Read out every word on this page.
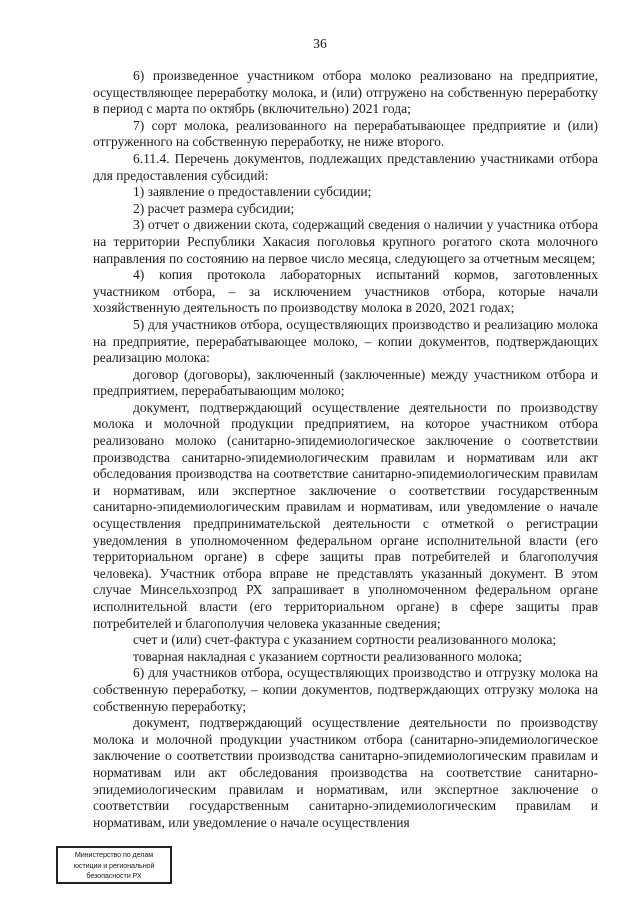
36

6) произведенное участником отбора молоко реализовано на предприятие, осуществляющее переработку молока, и (или) отгружено на собственную переработку в период с марта по октябрь (включительно) 2021 года;

7) сорт молока, реализованного на перерабатывающее предприятие и (или) отгруженного на собственную переработку, не ниже второго.

6.11.4. Перечень документов, подлежащих представлению участниками отбора для предоставления субсидий:

1) заявление о предоставлении субсидии;

2) расчет размера субсидии;

3) отчет о движении скота, содержащий сведения о наличии у участника отбора на территории Республики Хакасия поголовья крупного рогатого скота молочного направления по состоянию на первое число месяца, следующего за отчетным месяцем;

4) копия протокола лабораторных испытаний кормов, заготовленных участником отбора, – за исключением участников отбора, которые начали хозяйственную деятельность по производству молока в 2020, 2021 годах;

5) для участников отбора, осуществляющих производство и реализацию молока на предприятие, перерабатывающее молоко, – копии документов, подтверждающих реализацию молока:

договор (договоры), заключенный (заключенные) между участником отбора и предприятием, перерабатывающим молоко;

документ, подтверждающий осуществление деятельности по производству молока и молочной продукции предприятием, на которое участником отбора реализовано молоко (санитарно-эпидемиологическое заключение о соответствии производства санитарно-эпидемиологическим правилам и нормативам или акт обследования производства на соответствие санитарно-эпидемиологическим правилам и нормативам, или экспертное заключение о соответствии государственным санитарно-эпидемиологическим правилам и нормативам, или уведомление о начале осуществления предпринимательской деятельности с отметкой о регистрации уведомления в уполномоченном федеральном органе исполнительной власти (его территориальном органе) в сфере защиты прав потребителей и благополучия человека). Участник отбора вправе не представлять указанный документ. В этом случае Минсельхозпрод РХ запрашивает в уполномоченном федеральном органе исполнительной власти (его территориальном органе) в сфере защиты прав потребителей и благополучия человека указанные сведения;

счет и (или) счет-фактура с указанием сортности реализованного молока;

товарная накладная с указанием сортности реализованного молока;

6) для участников отбора, осуществляющих производство и отгрузку молока на собственную переработку, – копии документов, подтверждающих отгрузку молока на собственную переработку;

документ, подтверждающий осуществление деятельности по производству молока и молочной продукции участником отбора (санитарно-эпидемиологическое заключение о соответствии производства санитарно-эпидемиологическим правилам и нормативам или акт обследования производства на соответствие санитарно-эпидемиологическим правилам и нормативам, или экспертное заключение о соответствии государственным санитарно-эпидемиологическим правилам и нормативам, или уведомление о начале осуществления

Министерство по делам
юстиции и региональной
безопасности РХ
